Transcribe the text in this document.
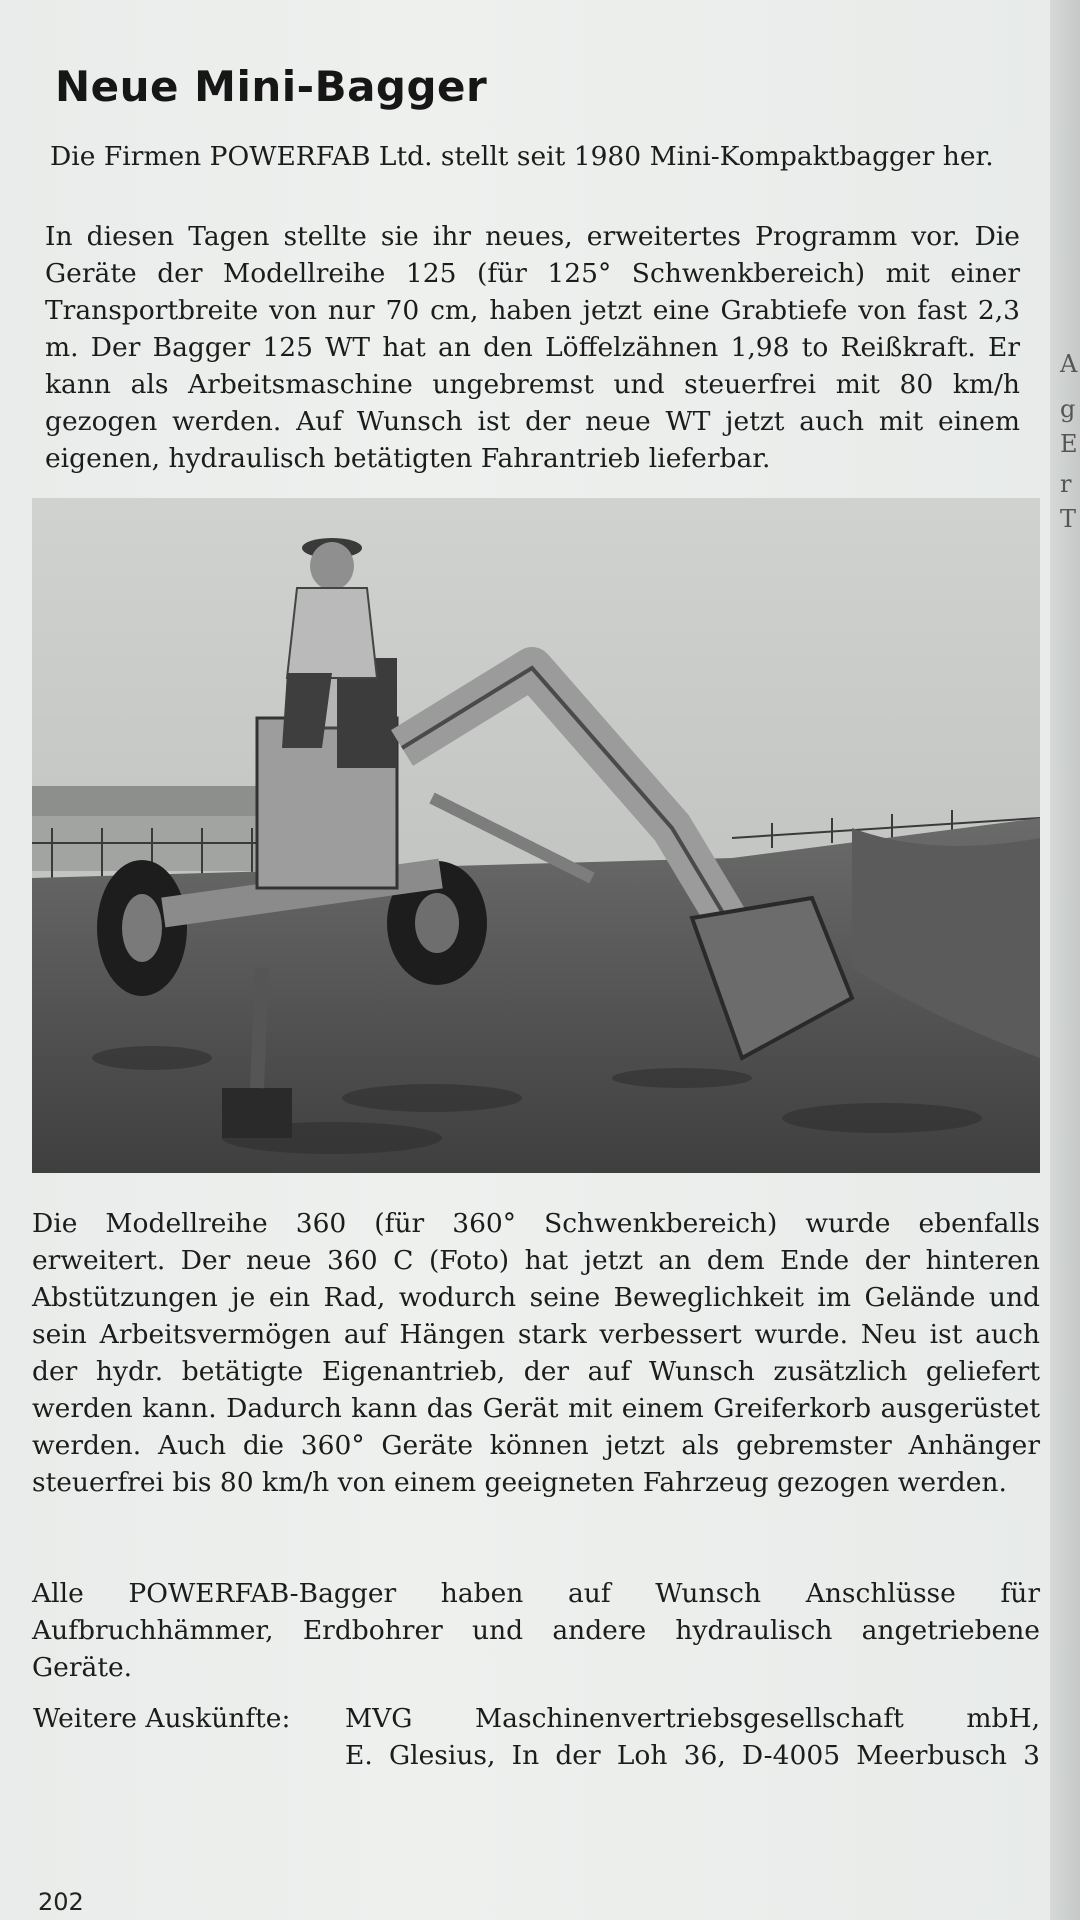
Neue Mini-Bagger

Die Firmen POWERFAB Ltd. stellt seit 1980 Mini-Kompaktbagger her.

In diesen Tagen stellte sie ihr neues, erweitertes Programm vor. Die Geräte der Modellreihe 125 (für 125° Schwenkbereich) mit einer Transportbreite von nur 70 cm, haben jetzt eine Grabtiefe von fast 2,3 m. Der Bagger 125 WT hat an den Löffelzähnen 1,98 to Reißkraft. Er kann als Arbeitsmaschine ungebremst und steuerfrei mit 80 km/h gezogen werden. Auf Wunsch ist der neue WT jetzt auch mit einem eigenen, hydraulisch betätigten Fahrantrieb lieferbar.

Die Modellreihe 360 (für 360° Schwenkbereich) wurde ebenfalls erweitert. Der neue 360 C (Foto) hat jetzt an dem Ende der hinteren Abstützungen je ein Rad, wodurch seine Beweglichkeit im Gelände und sein Arbeitsvermögen auf Hängen stark verbessert wurde. Neu ist auch der hydr. betätigte Eigenantrieb, der auf Wunsch zusätzlich geliefert werden kann. Dadurch kann das Gerät mit einem Greiferkorb ausgerüstet werden. Auch die 360° Geräte können jetzt als gebremster Anhänger steuerfrei bis 80 km/h von einem geeigneten Fahrzeug gezogen werden.

Alle POWERFAB-Bagger haben auf Wunsch Anschlüsse für Aufbruchhämmer, Erdbohrer und andere hydraulisch angetriebene Geräte.

Weitere Auskünfte: MVG Maschinenvertriebsgesellschaft mbH,
E. Glesius, In der Loh 36, D-4005 Meerbusch 3
202
A
g
E
r
T
